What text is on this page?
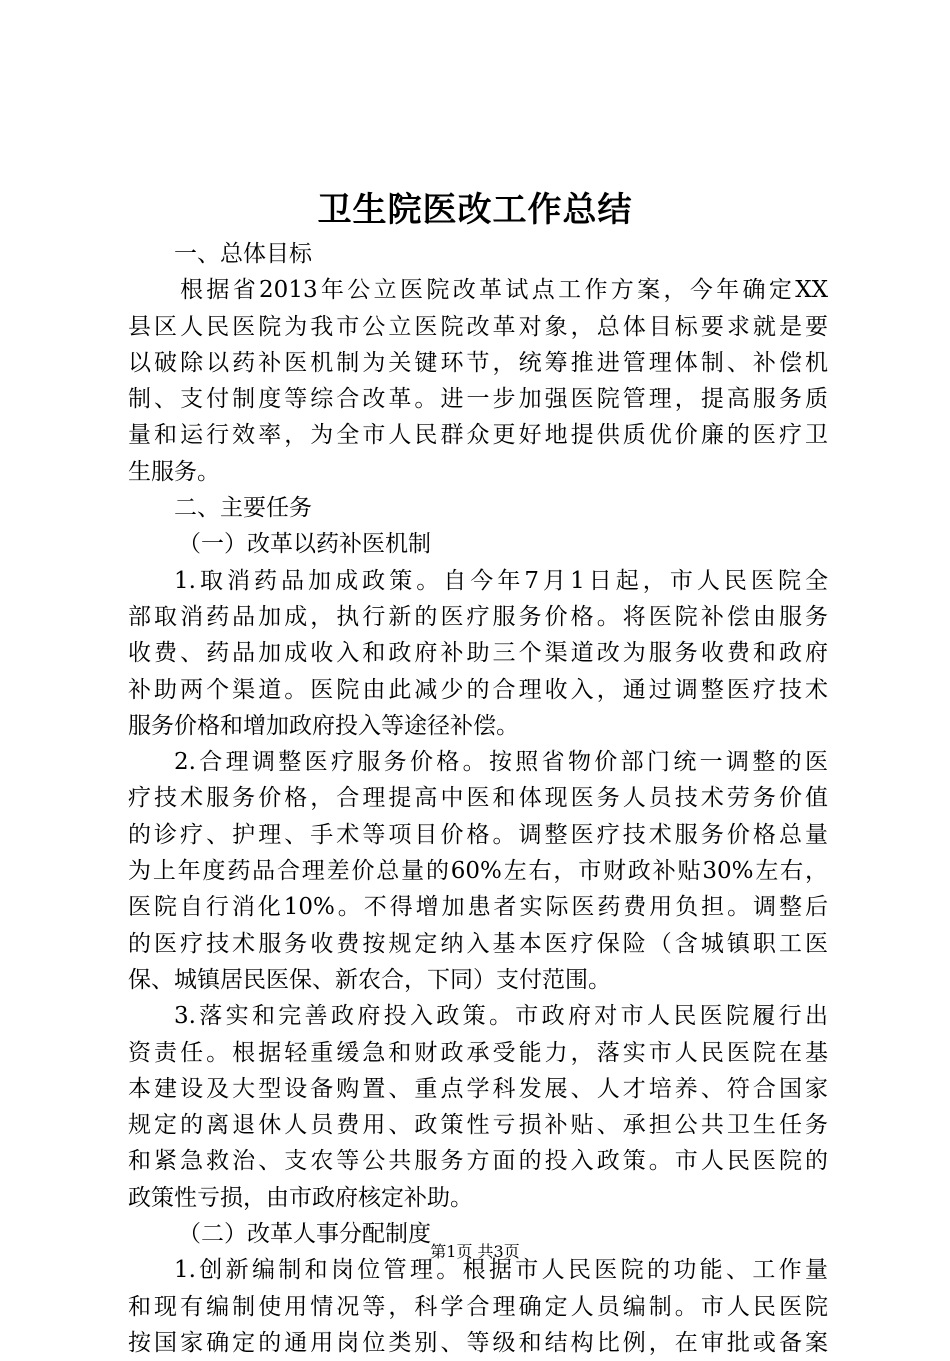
卫生院医改工作总结
一、总体目标
根据省2013年公立医院改革试点工作方案，今年确定XX
县区人民医院为我市公立医院改革对象，总体目标要求就是要
以破除以药补医机制为关键环节，统筹推进管理体制、补偿机
制、支付制度等综合改革。进一步加强医院管理，提高服务质
量和运行效率，为全市人民群众更好地提供质优价廉的医疗卫
生服务。
二、主要任务
（一）改革以药补医机制
1.取消药品加成政策。自今年7月1日起，市人民医院全
部取消药品加成，执行新的医疗服务价格。将医院补偿由服务
收费、药品加成收入和政府补助三个渠道改为服务收费和政府
补助两个渠道。医院由此减少的合理收入，通过调整医疗技术
服务价格和增加政府投入等途径补偿。
2.合理调整医疗服务价格。按照省物价部门统一调整的医
疗技术服务价格，合理提高中医和体现医务人员技术劳务价值
的诊疗、护理、手术等项目价格。调整医疗技术服务价格总量
为上年度药品合理差价总量的60%左右，市财政补贴30%左右，
医院自行消化10%。不得增加患者实际医药费用负担。调整后
的医疗技术服务收费按规定纳入基本医疗保险（含城镇职工医
保、城镇居民医保、新农合，下同）支付范围。
3.落实和完善政府投入政策。市政府对市人民医院履行出
资责任。根据轻重缓急和财政承受能力，落实市人民医院在基
本建设及大型设备购置、重点学科发展、人才培养、符合国家
规定的离退休人员费用、政策性亏损补贴、承担公共卫生任务
和紧急救治、支农等公共服务方面的投入政策。市人民医院的
政策性亏损，由市政府核定补助。
（二）改革人事分配制度
1.创新编制和岗位管理。根据市人民医院的功能、工作量
和现有编制使用情况等，科学合理确定人员编制。市人民医院
按国家确定的通用岗位类别、等级和结构比例，在审批或备案
第1页 共3页
